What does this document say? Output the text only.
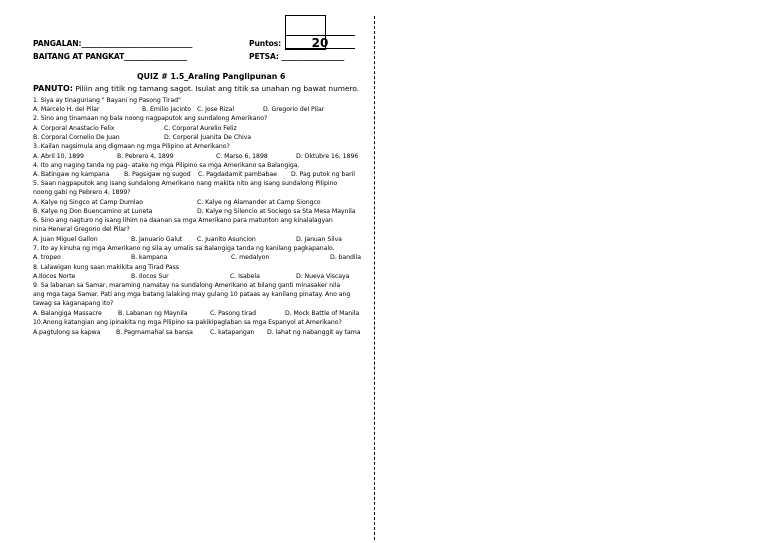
PANGALAN:______________________________
BAITANG AT PANGKAT_________________
Puntos:
PETSA: _________________
20
QUIZ # 1.5_Araling Panglipunan 6
PANUTO: Piliin ang titik ng tamang sagot. Isulat ang titik sa unahan ng bawat numero.
1. Siya ay tinaguriang " Bayani ng Pasong Tirad"
A. Marcelo H. del Pilar	B. Emilio Jacinto C. Jose Rizal	D. Gregorio del Pilar
2. Sino ang tinamaan ng bala noong nagpaputok ang sundalong Amerikano?
A. Corporal Anastacio Felix	C. Corporal Aurelio Feliz
B. Corporal Cornelio De Juan	D. Corporal Juanita De Chiva
3. Kailan nagsimula ang digmaan ng mga Pilipino at Amerikano?
A. Abril 10, 1899	B. Pebrero 4, 1899	C. Marso 6, 1898	D. Oktubre 16, 1896
4. Ito ang naging tanda ng pag- atake ng mga Pilipino sa mga Amerikano sa Balangiga.
A. Batingaw ng kampana B. Pagsigaw ng sugod C. Pagdadamit pambabae D. Pag putok ng baril
5. Saan nagpaputok ang isang sundalong Amerikano nang makita nito ang isang sundalong Pilipino
noong gabi ng Pebrero 4, 1899?
A. Kalye ng Singco at Camp Dumlao	C. Kalye ng Alamander at Camp Siongco
B. Kalye ng Don Buencamino at Luneta	D. Kalye ng Silencio at Sociego sa Sta Mesa Maynila
6. Sino ang nagturo ng isang lihim na daanan sa mga Amerikano para matunton ang kinalalagyan
nina Heneral Gregorio del Pilar?
A. Juan Miguel Gallon	B. Januario Galut C. Juanito Asuncion	D. Januan Silva
7. Ito ay kinuha ng mga Amerikano ng sila ay umalis sa Balangiga tanda ng kanilang pagkapanalo.
A. tropeo	B. kampana	C. medalyon	D. bandila
8. Lalawigan kung saan makikita ang Tirad Pass
A.Ilocos Norte	B. Ilocos Sur	C. Isabela	D. Nueva Viscaya
9. Sa labanan sa Samar, maraming namatay na sundalong Amerikano at bilang ganti minasaker nila
ang mga taga Samar. Pati ang mga batang lalaking may gulang 10 pataas ay kanilang pinatay. Ano ang
tawag sa kaganapang ito?
A. Balangiga Massacre	B. Labanan ng Maynila	C. Pasong tirad	D. Mock Battle of Manila
10.Anong katangian ang ipinakita ng mga Pilipino sa pakikipaglaban sa mga Espanyol at Amerikano?
A.pagtulong sa kapwa	B. Pagmamahal sa bansa	C. katapangan D. lahat ng nabanggit ay tama
